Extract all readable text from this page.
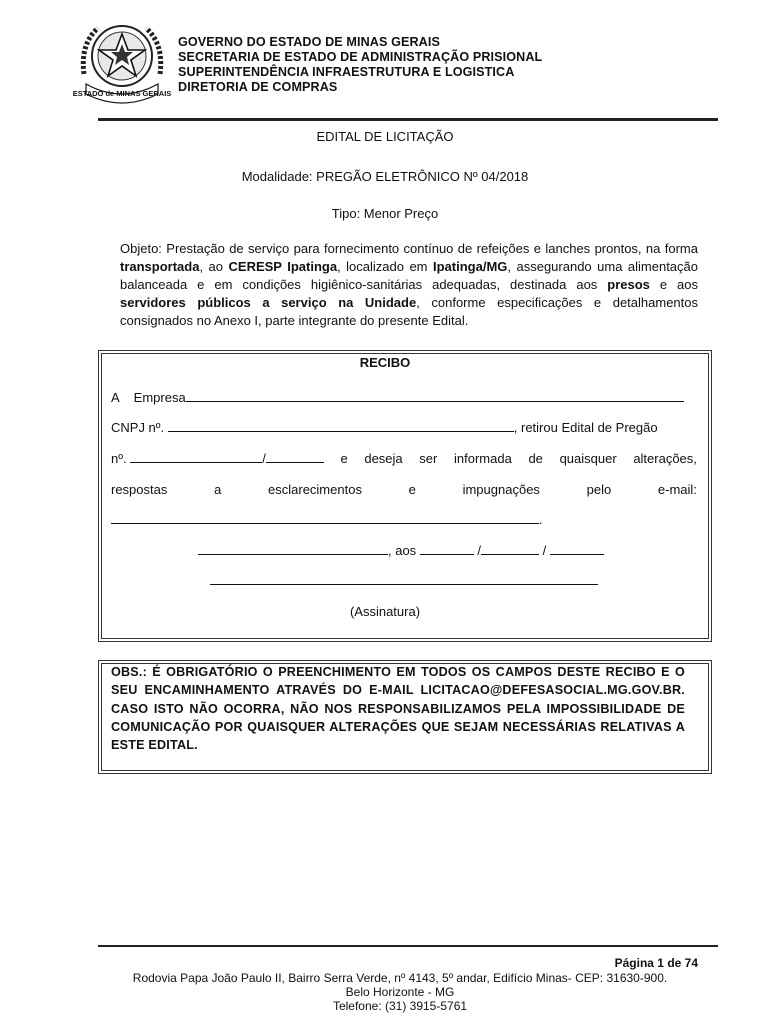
ESTADO de MINAS GERAIS
GOVERNO DO ESTADO DE MINAS GERAIS
SECRETARIA DE ESTADO DE ADMINISTRAÇÃO PRISIONAL
SUPERINTENDÊNCIA INFRAESTRUTURA E LOGISTICA
DIRETORIA DE COMPRAS
EDITAL DE LICITAÇÃO
Modalidade: PREGÃO ELETRÔNICO Nº 04/2018
Tipo: Menor Preço
Objeto: Prestação de serviço para fornecimento contínuo de refeições e lanches prontos, na forma transportada, ao CERESP Ipatinga, localizado em Ipatinga/MG, assegurando uma alimentação balanceada e em condições higiênico-sanitárias adequadas, destinada aos presos e aos servidores públicos a serviço na Unidade, conforme especificações e detalhamentos consignados no Anexo I, parte integrante do presente Edital.
RECIBO
A Empresa
CNPJ nº.	, retirou Edital de Pregão
nº.	/	e deseja ser informada de quaisquer alterações,
respostas	a	esclarecimentos	e	impugnações	pelo	e-mail:
.
, aos	/	/
(Assinatura)
OBS.: É OBRIGATÓRIO O PREENCHIMENTO EM TODOS OS CAMPOS DESTE RECIBO E O SEU ENCAMINHAMENTO ATRAVÉS DO E-MAIL LICITACAO@DEFESASOCIAL.MG.GOV.BR. CASO ISTO NÃO OCORRA, NÃO NOS RESPONSABILIZAMOS PELA IMPOSSIBILIDADE DE COMUNICAÇÃO POR QUAISQUER ALTERAÇÕES QUE SEJAM NECESSÁRIAS RELATIVAS A ESTE EDITAL.
Página 1 de 74
Rodovia Papa João Paulo II, Bairro Serra Verde, nº 4143, 5º andar, Edifício Minas- CEP: 31630-900.
Belo Horizonte - MG
Telefone: (31) 3915-5761
